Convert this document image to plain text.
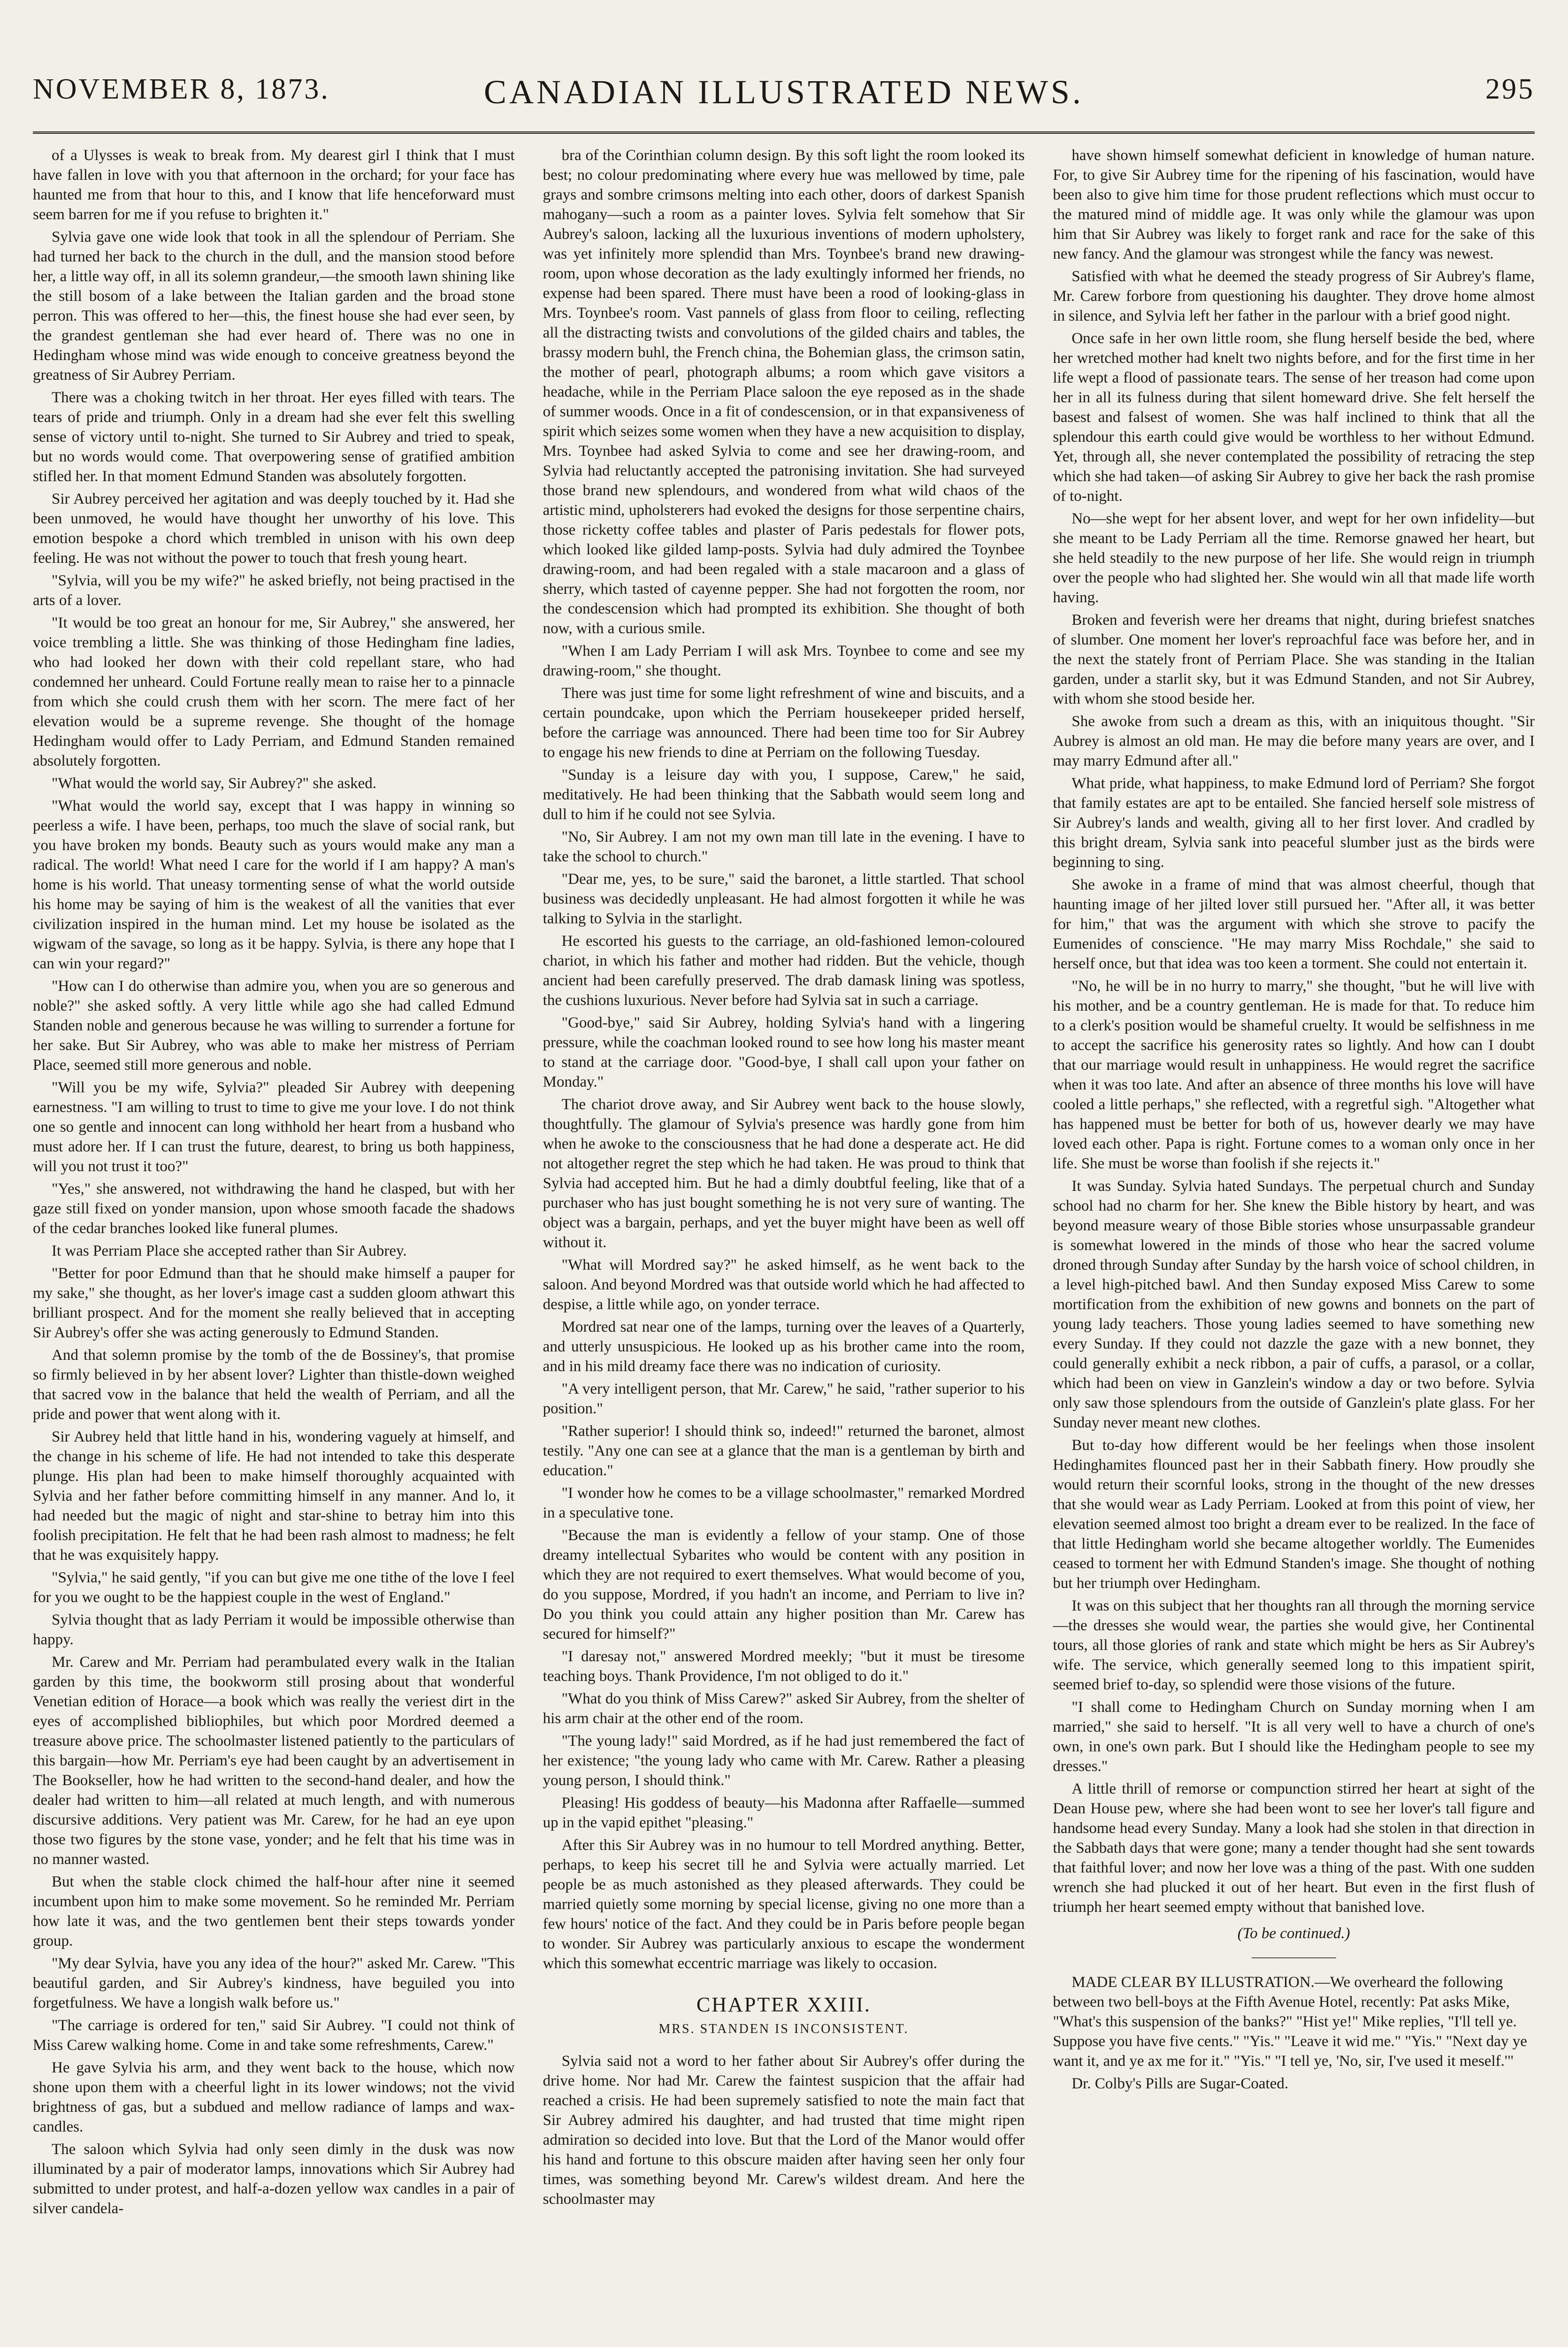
NOVEMBER 8, 1873.	CANADIAN ILLUSTRATED NEWS.	295

of a Ulysses is weak to break from. My dearest girl I think that I must have fallen in love with you that afternoon in the orchard; for your face has haunted me from that hour to this, and I know that life henceforward must seem barren for me if you refuse to brighten it."

Sylvia gave one wide look that took in all the splendour of Perriam. She had turned her back to the church in the dull, and the mansion stood before her, a little way off, in all its solemn grandeur,—the smooth lawn shining like the still bosom of a lake between the Italian garden and the broad stone perron. This was offered to her—this, the finest house she had ever seen, by the grandest gentleman she had ever heard of. There was no one in Hedingham whose mind was wide enough to conceive greatness beyond the greatness of Sir Aubrey Perriam.

There was a choking twitch in her throat. Her eyes filled with tears. The tears of pride and triumph. Only in a dream had she ever felt this swelling sense of victory until to-night. She turned to Sir Aubrey and tried to speak, but no words would come. That overpowering sense of gratified ambition stifled her. In that moment Edmund Standen was absolutely forgotten.

Sir Aubrey perceived her agitation and was deeply touched by it. Had she been unmoved, he would have thought her unworthy of his love. This emotion bespoke a chord which trembled in unison with his own deep feeling. He was not without the power to touch that fresh young heart.

"Sylvia, will you be my wife?" he asked briefly, not being practised in the arts of a lover.

"It would be too great an honour for me, Sir Aubrey," she answered, her voice trembling a little. She was thinking of those Hedingham fine ladies, who had looked her down with their cold repellant stare, who had condemned her unheard. Could Fortune really mean to raise her to a pinnacle from which she could crush them with her scorn. The mere fact of her elevation would be a supreme revenge. She thought of the homage Hedingham would offer to Lady Perriam, and Edmund Standen remained absolutely forgotten.

"What would the world say, Sir Aubrey?" she asked.

"What would the world say, except that I was happy in winning so peerless a wife. I have been, perhaps, too much the slave of social rank, but you have broken my bonds. Beauty such as yours would make any man a radical. The world! What need I care for the world if I am happy? A man's home is his world. That uneasy tormenting sense of what the world outside his home may be saying of him is the weakest of all the vanities that ever civilization inspired in the human mind. Let my house be isolated as the wigwam of the savage, so long as it be happy. Sylvia, is there any hope that I can win your regard?"

"How can I do otherwise than admire you, when you are so generous and noble?" she asked softly. A very little while ago she had called Edmund Standen noble and generous because he was willing to surrender a fortune for her sake. But Sir Aubrey, who was able to make her mistress of Perriam Place, seemed still more generous and noble.

"Will you be my wife, Sylvia?" pleaded Sir Aubrey with deepening earnestness. "I am willing to trust to time to give me your love. I do not think one so gentle and innocent can long withhold her heart from a husband who must adore her. If I can trust the future, dearest, to bring us both happiness, will you not trust it too?"

"Yes," she answered, not withdrawing the hand he clasped, but with her gaze still fixed on yonder mansion, upon whose smooth facade the shadows of the cedar branches looked like funeral plumes.

It was Perriam Place she accepted rather than Sir Aubrey.

"Better for poor Edmund than that he should make himself a pauper for my sake," she thought, as her lover's image cast a sudden gloom athwart this brilliant prospect. And for the moment she really believed that in accepting Sir Aubrey's offer she was acting generously to Edmund Standen.

And that solemn promise by the tomb of the de Bossiney's, that promise so firmly believed in by her absent lover? Lighter than thistle-down weighed that sacred vow in the balance that held the wealth of Perriam, and all the pride and power that went along with it.

Sir Aubrey held that little hand in his, wondering vaguely at himself, and the change in his scheme of life. He had not intended to take this desperate plunge. His plan had been to make himself thoroughly acquainted with Sylvia and her father before committing himself in any manner. And lo, it had needed but the magic of night and star-shine to betray him into this foolish precipitation. He felt that he had been rash almost to madness; he felt that he was exquisitely happy.

"Sylvia," he said gently, "if you can but give me one tithe of the love I feel for you we ought to be the happiest couple in the west of England."

Sylvia thought that as lady Perriam it would be impossible otherwise than happy.

Mr. Carew and Mr. Perriam had perambulated every walk in the Italian garden by this time, the bookworm still prosing about that wonderful Venetian edition of Horace—a book which was really the veriest dirt in the eyes of accomplished bibliophiles, but which poor Mordred deemed a treasure above price. The schoolmaster listened patiently to the particulars of this bargain—how Mr. Perriam's eye had been caught by an advertisement in The Bookseller, how he had written to the second-hand dealer, and how the dealer had written to him—all related at much length, and with numerous discursive additions. Very patient was Mr. Carew, for he had an eye upon those two figures by the stone vase, yonder; and he felt that his time was in no manner wasted.

But when the stable clock chimed the half-hour after nine it seemed incumbent upon him to make some movement. So he reminded Mr. Perriam how late it was, and the two gentlemen bent their steps towards yonder group.

"My dear Sylvia, have you any idea of the hour?" asked Mr. Carew. "This beautiful garden, and Sir Aubrey's kindness, have beguiled you into forgetfulness. We have a longish walk before us."

"The carriage is ordered for ten," said Sir Aubrey. "I could not think of Miss Carew walking home. Come in and take some refreshments, Carew."

He gave Sylvia his arm, and they went back to the house, which now shone upon them with a cheerful light in its lower windows; not the vivid brightness of gas, but a subdued and mellow radiance of lamps and wax-candles.

The saloon which Sylvia had only seen dimly in the dusk was now illuminated by a pair of moderator lamps, innovations which Sir Aubrey had submitted to under protest, and half-a-dozen yellow wax candles in a pair of silver candela-

bra of the Corinthian column design. By this soft light the room looked its best; no colour predominating where every hue was mellowed by time, pale grays and sombre crimsons melting into each other, doors of darkest Spanish mahogany—such a room as a painter loves. Sylvia felt somehow that Sir Aubrey's saloon, lacking all the luxurious inventions of modern upholstery, was yet infinitely more splendid than Mrs. Toynbee's brand new drawing-room, upon whose decoration as the lady exultingly informed her friends, no expense had been spared. There must have been a rood of looking-glass in Mrs. Toynbee's room. Vast pannels of glass from floor to ceiling, reflecting all the distracting twists and convolutions of the gilded chairs and tables, the brassy modern buhl, the French china, the Bohemian glass, the crimson satin, the mother of pearl, photograph albums; a room which gave visitors a headache, while in the Perriam Place saloon the eye reposed as in the shade of summer woods. Once in a fit of condescension, or in that expansiveness of spirit which seizes some women when they have a new acquisition to display, Mrs. Toynbee had asked Sylvia to come and see her drawing-room, and Sylvia had reluctantly accepted the patronising invitation. She had surveyed those brand new splendours, and wondered from what wild chaos of the artistic mind, upholsterers had evoked the designs for those serpentine chairs, those ricketty coffee tables and plaster of Paris pedestals for flower pots, which looked like gilded lamp-posts. Sylvia had duly admired the Toynbee drawing-room, and had been regaled with a stale macaroon and a glass of sherry, which tasted of cayenne pepper. She had not forgotten the room, nor the condescension which had prompted its exhibition. She thought of both now, with a curious smile.

"When I am Lady Perriam I will ask Mrs. Toynbee to come and see my drawing-room," she thought.

There was just time for some light refreshment of wine and biscuits, and a certain poundcake, upon which the Perriam housekeeper prided herself, before the carriage was announced. There had been time too for Sir Aubrey to engage his new friends to dine at Perriam on the following Tuesday.

"Sunday is a leisure day with you, I suppose, Carew," he said, meditatively. He had been thinking that the Sabbath would seem long and dull to him if he could not see Sylvia.

"No, Sir Aubrey. I am not my own man till late in the evening. I have to take the school to church."

"Dear me, yes, to be sure," said the baronet, a little startled. That school business was decidedly unpleasant. He had almost forgotten it while he was talking to Sylvia in the starlight.

He escorted his guests to the carriage, an old-fashioned lemon-coloured chariot, in which his father and mother had ridden. But the vehicle, though ancient had been carefully preserved. The drab damask lining was spotless, the cushions luxurious. Never before had Sylvia sat in such a carriage.

"Good-bye," said Sir Aubrey, holding Sylvia's hand with a lingering pressure, while the coachman looked round to see how long his master meant to stand at the carriage door. "Good-bye, I shall call upon your father on Monday."

The chariot drove away, and Sir Aubrey went back to the house slowly, thoughtfully. The glamour of Sylvia's presence was hardly gone from him when he awoke to the consciousness that he had done a desperate act. He did not altogether regret the step which he had taken. He was proud to think that Sylvia had accepted him. But he had a dimly doubtful feeling, like that of a purchaser who has just bought something he is not very sure of wanting. The object was a bargain, perhaps, and yet the buyer might have been as well off without it.

"What will Mordred say?" he asked himself, as he went back to the saloon. And beyond Mordred was that outside world which he had affected to despise, a little while ago, on yonder terrace.

Mordred sat near one of the lamps, turning over the leaves of a Quarterly, and utterly unsuspicious. He looked up as his brother came into the room, and in his mild dreamy face there was no indication of curiosity.

"A very intelligent person, that Mr. Carew," he said, "rather superior to his position."

"Rather superior! I should think so, indeed!" returned the baronet, almost testily. "Any one can see at a glance that the man is a gentleman by birth and education."

"I wonder how he comes to be a village schoolmaster," remarked Mordred in a speculative tone.

"Because the man is evidently a fellow of your stamp. One of those dreamy intellectual Sybarites who would be content with any position in which they are not required to exert themselves. What would become of you, do you suppose, Mordred, if you hadn't an income, and Perriam to live in? Do you think you could attain any higher position than Mr. Carew has secured for himself?"

"I daresay not," answered Mordred meekly; "but it must be tiresome teaching boys. Thank Providence, I'm not obliged to do it."

"What do you think of Miss Carew?" asked Sir Aubrey, from the shelter of his arm chair at the other end of the room.

"The young lady!" said Mordred, as if he had just remembered the fact of her existence; "the young lady who came with Mr. Carew. Rather a pleasing young person, I should think."

Pleasing! His goddess of beauty—his Madonna after Raffaelle—summed up in the vapid epithet "pleasing."

After this Sir Aubrey was in no humour to tell Mordred anything. Better, perhaps, to keep his secret till he and Sylvia were actually married. Let people be as much astonished as they pleased afterwards. They could be married quietly some morning by special license, giving no one more than a few hours' notice of the fact. And they could be in Paris before people began to wonder. Sir Aubrey was particularly anxious to escape the wonderment which this somewhat eccentric marriage was likely to occasion.

CHAPTER XXIII.
MRS. STANDEN IS INCONSISTENT.

Sylvia said not a word to her father about Sir Aubrey's offer during the drive home. Nor had Mr. Carew the faintest suspicion that the affair had reached a crisis. He had been supremely satisfied to note the main fact that Sir Aubrey admired his daughter, and had trusted that time might ripen admiration so decided into love. But that the Lord of the Manor would offer his hand and fortune to this obscure maiden after having seen her only four times, was something beyond Mr. Carew's wildest dream. And here the schoolmaster may

have shown himself somewhat deficient in knowledge of human nature. For, to give Sir Aubrey time for the ripening of his fascination, would have been also to give him time for those prudent reflections which must occur to the matured mind of middle age. It was only while the glamour was upon him that Sir Aubrey was likely to forget rank and race for the sake of this new fancy. And the glamour was strongest while the fancy was newest.

Satisfied with what he deemed the steady progress of Sir Aubrey's flame, Mr. Carew forbore from questioning his daughter. They drove home almost in silence, and Sylvia left her father in the parlour with a brief good night.

Once safe in her own little room, she flung herself beside the bed, where her wretched mother had knelt two nights before, and for the first time in her life wept a flood of passionate tears. The sense of her treason had come upon her in all its fulness during that silent homeward drive. She felt herself the basest and falsest of women. She was half inclined to think that all the splendour this earth could give would be worthless to her without Edmund. Yet, through all, she never contemplated the possibility of retracing the step which she had taken—of asking Sir Aubrey to give her back the rash promise of to-night.

No—she wept for her absent lover, and wept for her own infidelity—but she meant to be Lady Perriam all the time. Remorse gnawed her heart, but she held steadily to the new purpose of her life. She would reign in triumph over the people who had slighted her. She would win all that made life worth having.

Broken and feverish were her dreams that night, during briefest snatches of slumber. One moment her lover's reproachful face was before her, and in the next the stately front of Perriam Place. She was standing in the Italian garden, under a starlit sky, but it was Edmund Standen, and not Sir Aubrey, with whom she stood beside her.

She awoke from such a dream as this, with an iniquitous thought. "Sir Aubrey is almost an old man. He may die before many years are over, and I may marry Edmund after all."

What pride, what happiness, to make Edmund lord of Perriam? She forgot that family estates are apt to be entailed. She fancied herself sole mistress of Sir Aubrey's lands and wealth, giving all to her first lover. And cradled by this bright dream, Sylvia sank into peaceful slumber just as the birds were beginning to sing.

She awoke in a frame of mind that was almost cheerful, though that haunting image of her jilted lover still pursued her. "After all, it was better for him," that was the argument with which she strove to pacify the Eumenides of conscience. "He may marry Miss Rochdale," she said to herself once, but that idea was too keen a torment. She could not entertain it.

"No, he will be in no hurry to marry," she thought, "but he will live with his mother, and be a country gentleman. He is made for that. To reduce him to a clerk's position would be shameful cruelty. It would be selfishness in me to accept the sacrifice his generosity rates so lightly. And how can I doubt that our marriage would result in unhappiness. He would regret the sacrifice when it was too late. And after an absence of three months his love will have cooled a little perhaps," she reflected, with a regretful sigh. "Altogether what has happened must be better for both of us, however dearly we may have loved each other. Papa is right. Fortune comes to a woman only once in her life. She must be worse than foolish if she rejects it."

It was Sunday. Sylvia hated Sundays. The perpetual church and Sunday school had no charm for her. She knew the Bible history by heart, and was beyond measure weary of those Bible stories whose unsurpassable grandeur is somewhat lowered in the minds of those who hear the sacred volume droned through Sunday after Sunday by the harsh voice of school children, in a level high-pitched bawl. And then Sunday exposed Miss Carew to some mortification from the exhibition of new gowns and bonnets on the part of young lady teachers. Those young ladies seemed to have something new every Sunday. If they could not dazzle the gaze with a new bonnet, they could generally exhibit a neck ribbon, a pair of cuffs, a parasol, or a collar, which had been on view in Ganzlein's window a day or two before. Sylvia only saw those splendours from the outside of Ganzlein's plate glass. For her Sunday never meant new clothes.

But to-day how different would be her feelings when those insolent Hedinghamites flounced past her in their Sabbath finery. How proudly she would return their scornful looks, strong in the thought of the new dresses that she would wear as Lady Perriam. Looked at from this point of view, her elevation seemed almost too bright a dream ever to be realized. In the face of that little Hedingham world she became altogether worldly. The Eumenides ceased to torment her with Edmund Standen's image. She thought of nothing but her triumph over Hedingham.

It was on this subject that her thoughts ran all through the morning service—the dresses she would wear, the parties she would give, her Continental tours, all those glories of rank and state which might be hers as Sir Aubrey's wife. The service, which generally seemed long to this impatient spirit, seemed brief to-day, so splendid were those visions of the future.

"I shall come to Hedingham Church on Sunday morning when I am married," she said to herself. "It is all very well to have a church of one's own, in one's own park. But I should like the Hedingham people to see my dresses."

A little thrill of remorse or compunction stirred her heart at sight of the Dean House pew, where she had been wont to see her lover's tall figure and handsome head every Sunday. Many a look had she stolen in that direction in the Sabbath days that were gone; many a tender thought had she sent towards that faithful lover; and now her love was a thing of the past. With one sudden wrench she had plucked it out of her heart. But even in the first flush of triumph her heart seemed empty without that banished love.

(To be continued.)

MADE CLEAR BY ILLUSTRATION.—We overheard the following between two bell-boys at the Fifth Avenue Hotel, recently: Pat asks Mike, "What's this suspension of the banks?" "Hist ye!" Mike replies, "I'll tell ye. Suppose you have five cents." "Yis." "Leave it wid me." "Yis." "Next day ye want it, and ye ax me for it." "Yis." "I tell ye, 'No, sir, I've used it meself.'"

Dr. Colby's Pills are Sugar-Coated.
